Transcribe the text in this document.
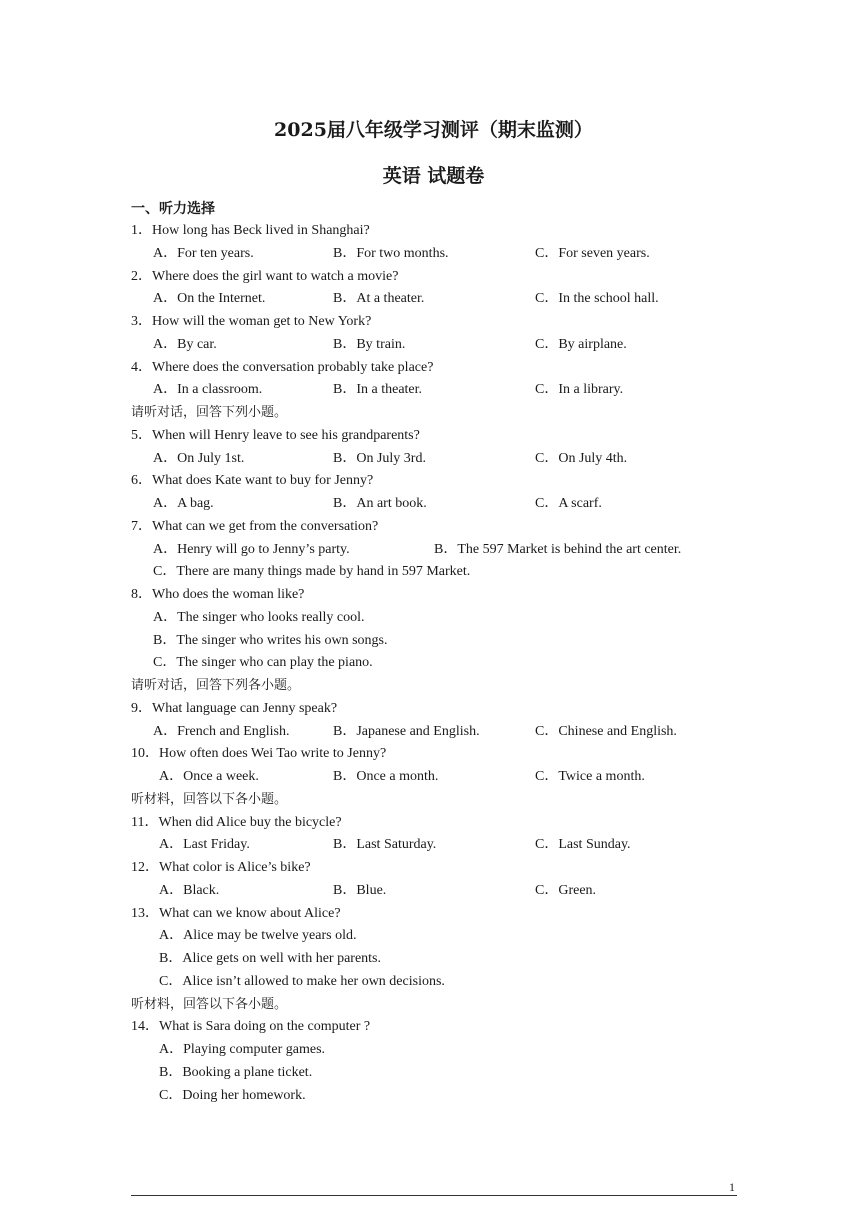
2025届八年级学习测评（期末监测）
英语 试题卷
一、听力选择
1．How long has Beck lived in Shanghai?
A．For ten years.	B．For two months.	C．For seven years.
2．Where does the girl want to watch a movie?
A．On the Internet.	B．At a theater.	C．In the school hall.
3．How will the woman get to New York?
A．By car.	B．By train.	C．By airplane.
4．Where does the conversation probably take place?
A．In a classroom.	B．In a theater.	C．In a library.
请听对话，回答下列小题。
5．When will Henry leave to see his grandparents?
A．On July 1st.	B．On July 3rd.	C．On July 4th.
6．What does Kate want to buy for Jenny?
A．A bag.	B．An art book.	C．A scarf.
7．What can we get from the conversation?
A．Henry will go to Jenny’s party.	B．The 597 Market is behind the art center.
C．There are many things made by hand in 597 Market.
8．Who does the woman like?
A．The singer who looks really cool.
B．The singer who writes his own songs.
C．The singer who can play the piano.
请听对话，回答下列各小题。
9．What language can Jenny speak?
A．French and English.	B．Japanese and English.	C．Chinese and English.
10．How often does Wei Tao write to Jenny?
A．Once a week.	B．Once a month.	C．Twice a month.
听材料，回答以下各小题。
11．When did Alice buy the bicycle?
A．Last Friday.	B．Last Saturday.	C．Last Sunday.
12．What color is Alice’s bike?
A．Black.	B．Blue.	C．Green.
13．What can we know about Alice?
A．Alice may be twelve years old.
B．Alice gets on well with her parents.
C．Alice isn’t allowed to make her own decisions.
听材料，回答以下各小题。
14．What is Sara doing on the computer ?
A．Playing computer games.
B．Booking a plane ticket.
C．Doing her homework.
1
